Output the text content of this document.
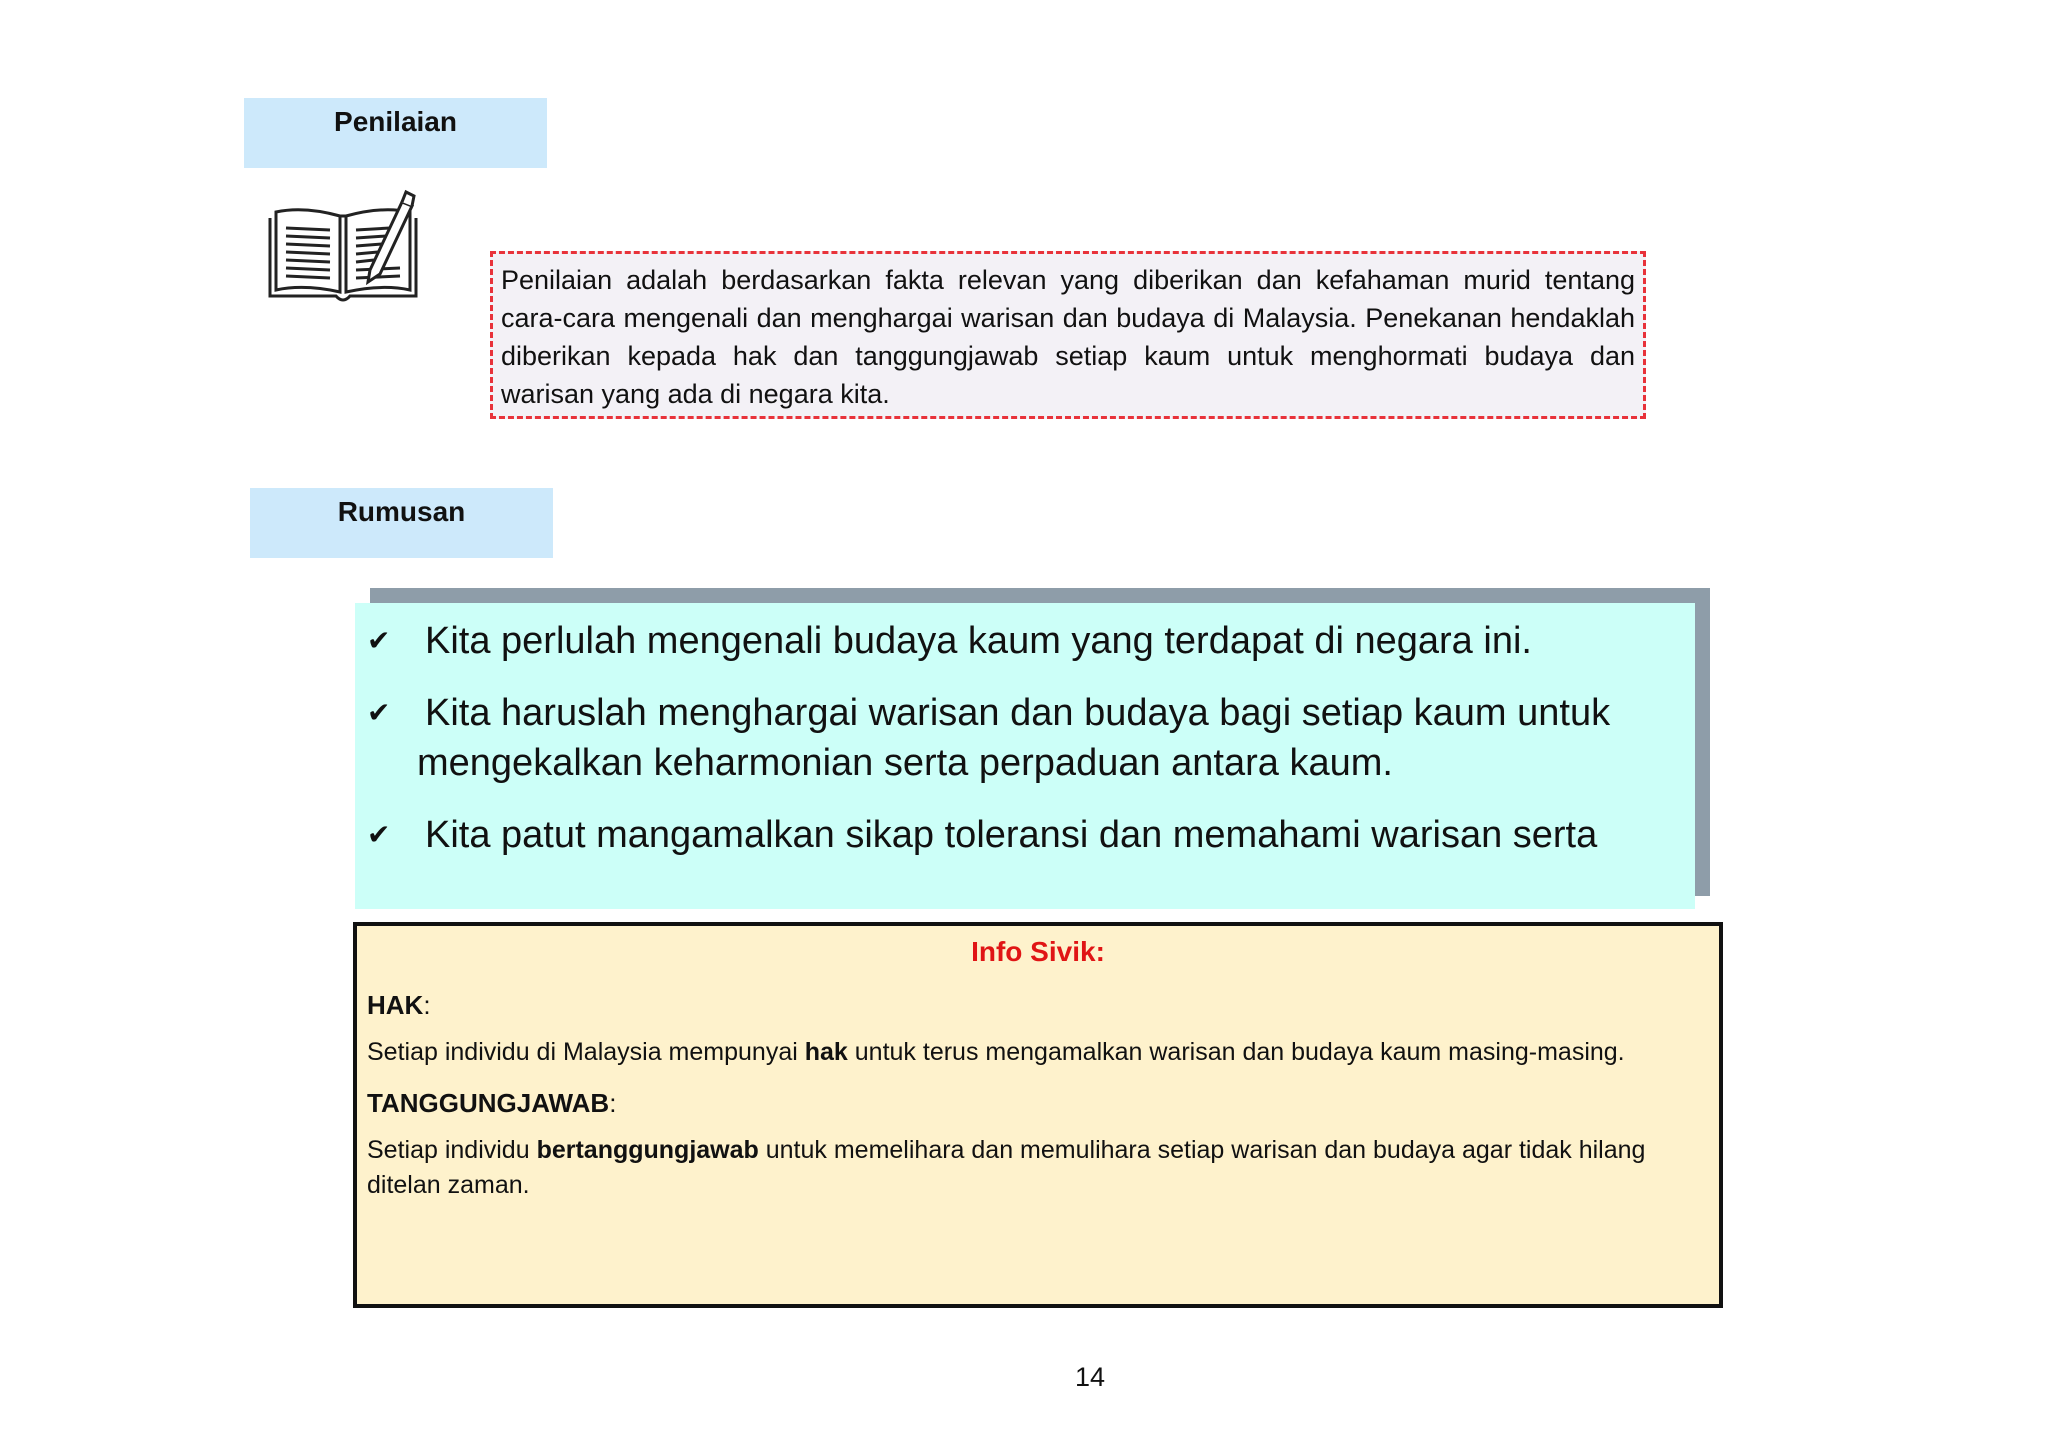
Penilaian
Penilaian adalah berdasarkan fakta relevan yang diberikan dan kefahaman murid tentang cara-cara mengenali dan menghargai warisan dan budaya di Malaysia. Penekanan hendaklah diberikan kepada hak dan tanggungjawab setiap kaum untuk menghormati budaya dan warisan yang ada di negara kita.
Rumusan
✔ Kita perlulah mengenali budaya kaum yang terdapat di negara ini.
✔ Kita haruslah menghargai warisan dan budaya bagi setiap kaum untuk
mengekalkan keharmonian serta perpaduan antara kaum.
✔ Kita patut mangamalkan sikap toleransi dan memahami warisan serta
Info Sivik:
HAK:
Setiap individu di Malaysia mempunyai hak untuk terus mengamalkan warisan dan budaya kaum masing-masing.
TANGGUNGJAWAB:
Setiap individu bertanggungjawab untuk memelihara dan memulihara setiap warisan dan budaya agar tidak hilang ditelan zaman.
14
